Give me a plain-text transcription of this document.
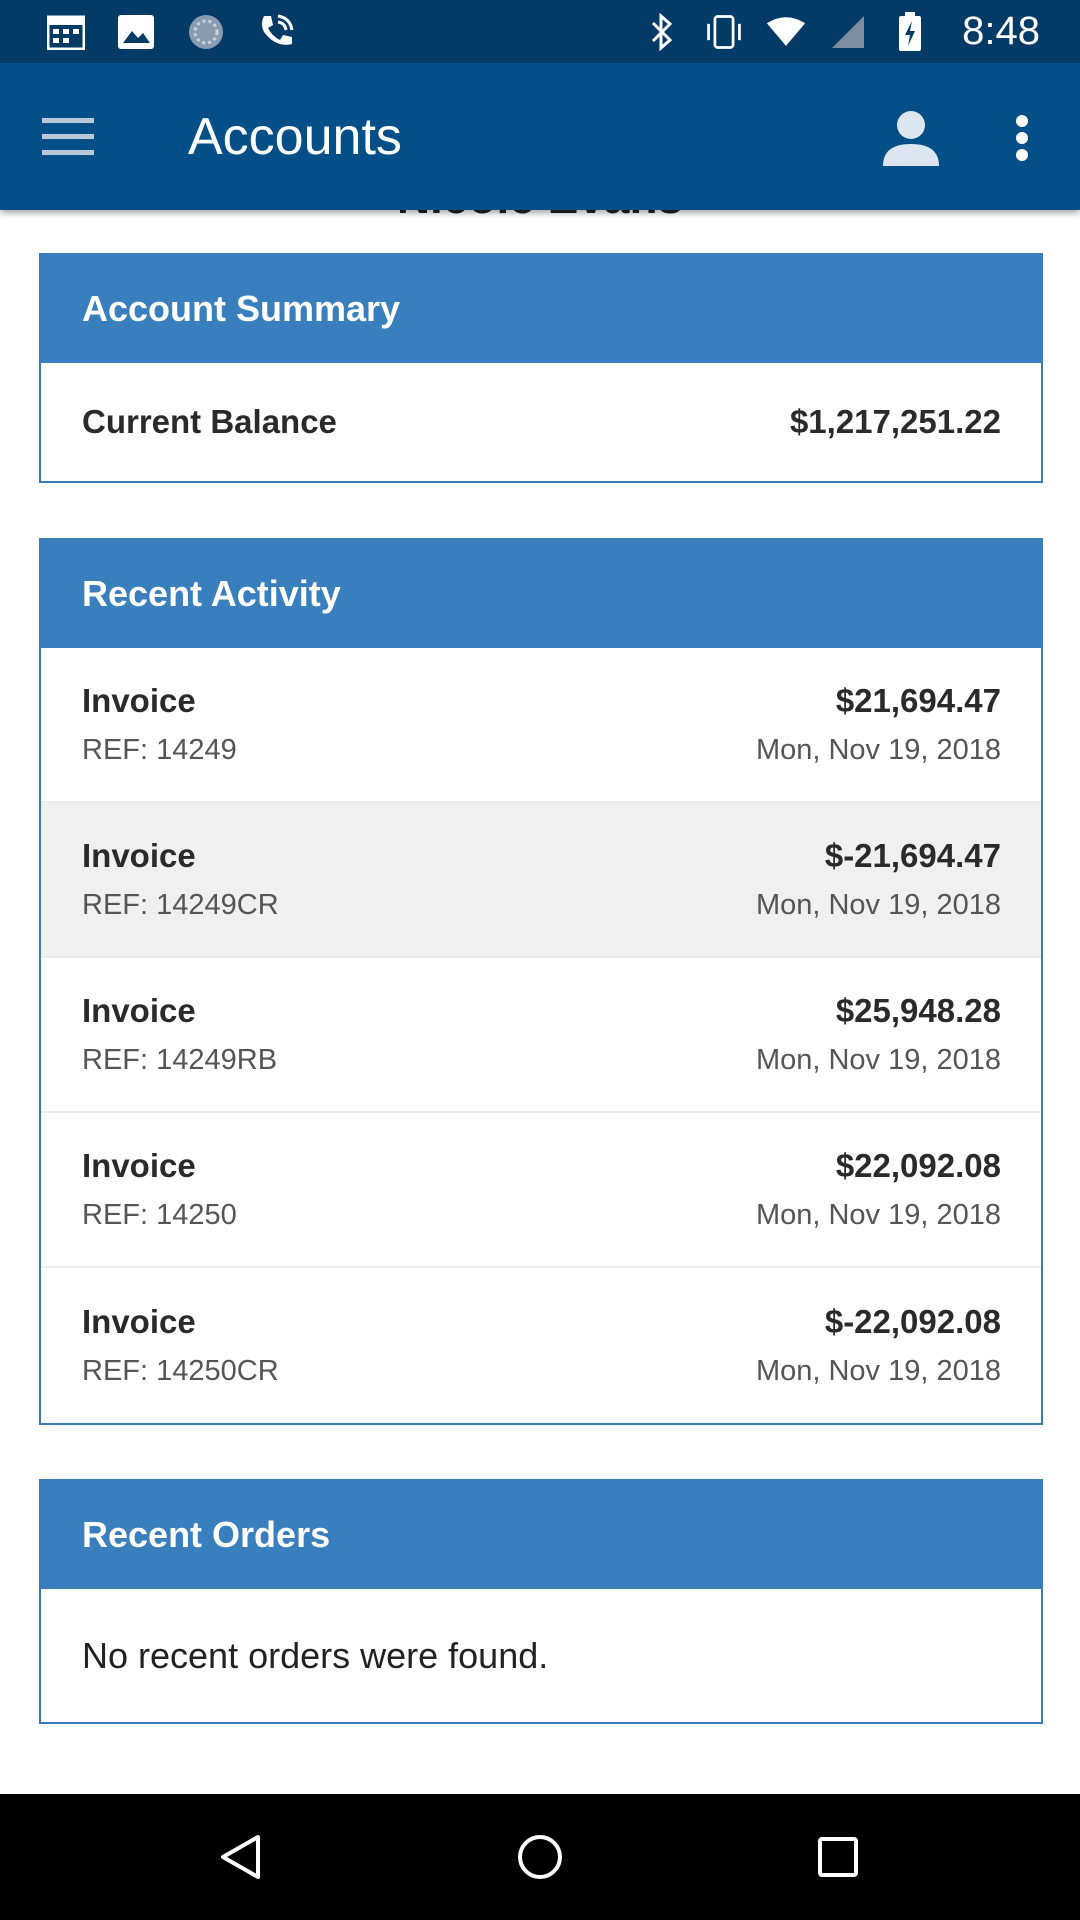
8:48
Accounts
Account Summary
Current Balance	$1,217,251.22
Recent Activity
Invoice	$21,694.47
REF: 14249	Mon, Nov 19, 2018
Invoice	$-21,694.47
REF: 14249CR	Mon, Nov 19, 2018
Invoice	$25,948.28
REF: 14249RB	Mon, Nov 19, 2018
Invoice	$22,092.08
REF: 14250	Mon, Nov 19, 2018
Invoice	$-22,092.08
REF: 14250CR	Mon, Nov 19, 2018
Recent Orders
No recent orders were found.
